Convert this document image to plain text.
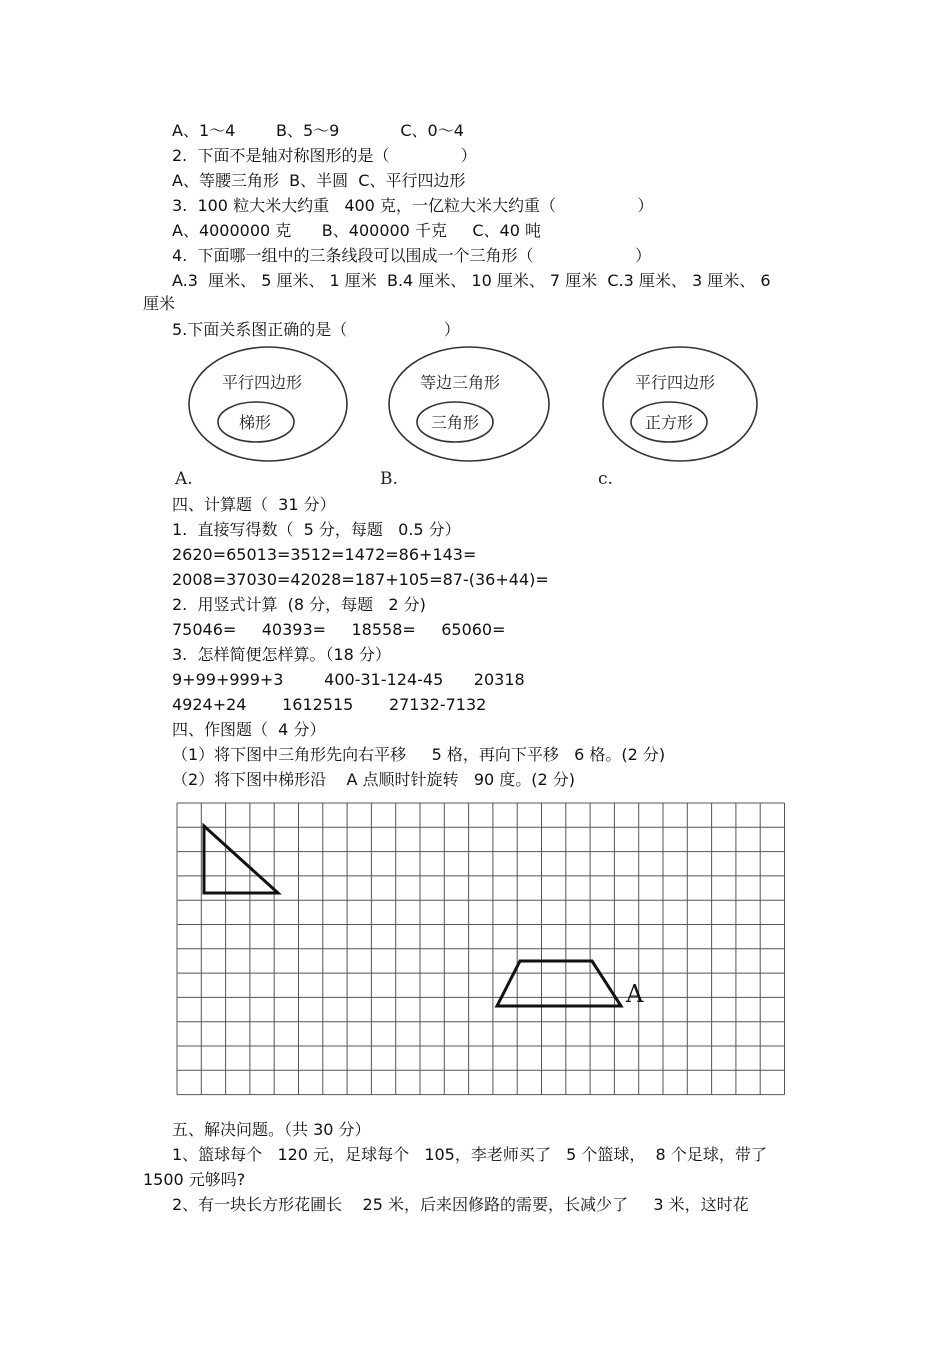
A、1～4        B、5～9            C、0～4
2.  下面不是轴对称图形的是（              ）
A、等腰三角形  B、半圆  C、平行四边形
3.  100 粒大米大约重   400 克，一亿粒大米大约重（                ）
A、4000000 克      B、400000 千克     C、40 吨
4.  下面哪一组中的三条线段可以围成一个三角形（                    ）
A.3  厘米、 5 厘米、 1 厘米  B.4 厘米、 10 厘米、 7 厘米  C.3 厘米、 3 厘米、 6
厘米
5.下面关系图正确的是（                   ）
平行四边形
梯形
A.
等边三角形
三角形
B.
平行四边形
正方形
c.
四、计算题（  31 分）
1.  直接写得数（  5 分，每题   0.5 分）
2620=65013=3512=1472=86+143=
2008=37030=42028=187+105=87-(36+44)=
2.  用竖式计算  (8 分，每题   2 分)
75046=     40393=     18558=     65060=
3.  怎样简便怎样算。（18 分）
9+99+999+3        400-31-124-45      20318
4924+24       1612515       27132-7132
四、作图题（  4 分）
（1）将下图中三角形先向右平移     5 格，再向下平移   6 格。(2 分)
（2）将下图中梯形沿    A 点顺时针旋转   90 度。(2 分)
A
五、解决问题。（共 30 分）
1、篮球每个   120 元，足球每个   105，李老师买了   5 个篮球，  8 个足球，带了
1500 元够吗?
2、有一块长方形花圃长    25 米，后来因修路的需要，长减少了     3 米，这时花
